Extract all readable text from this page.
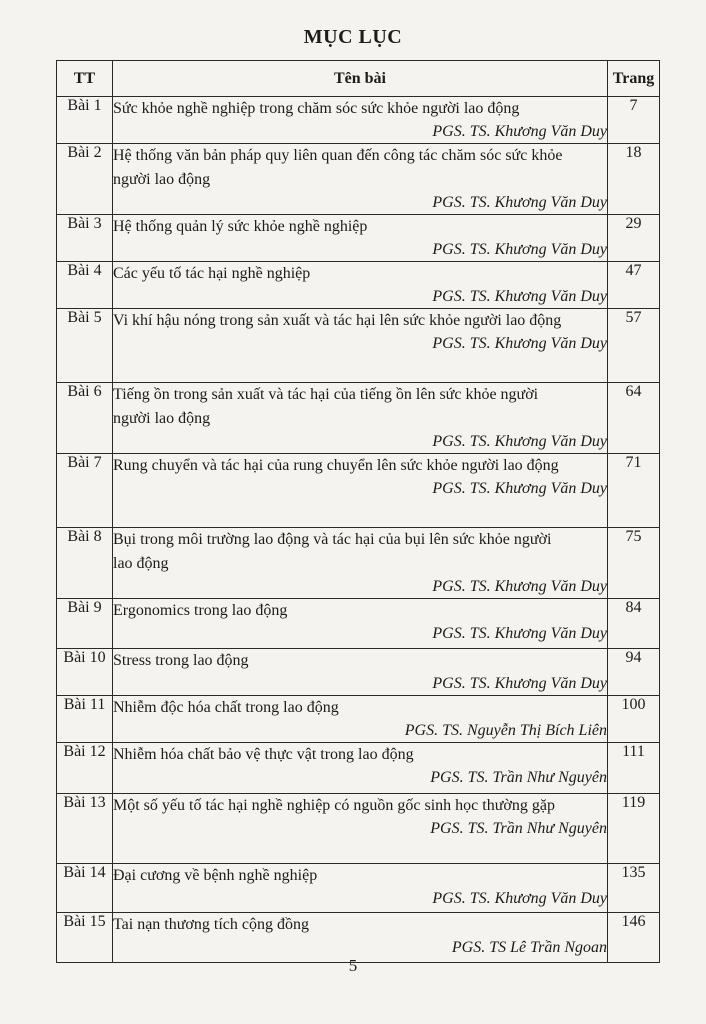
MỤC LỤC
TT	Tên bài	Trang
Bài 1	Sức khỏe nghề nghiệp trong chăm sóc sức khỏe người lao động
PGS. TS. Khương Văn Duy	7
Bài 2	Hệ thống văn bản pháp quy liên quan đến công tác chăm sóc sức khỏe người lao động
PGS. TS. Khương Văn Duy	18
Bài 3	Hệ thống quản lý sức khỏe nghề nghiệp
PGS. TS. Khương Văn Duy	29
Bài 4	Các yếu tố tác hại nghề nghiệp
PGS. TS. Khương Văn Duy	47
Bài 5	Vi khí hậu nóng trong sản xuất và tác hại lên sức khỏe người lao động
PGS. TS. Khương Văn Duy	57
Bài 6	Tiếng ồn trong sản xuất và tác hại của tiếng ồn lên sức khỏe người người lao động
PGS. TS. Khương Văn Duy	64
Bài 7	Rung chuyển và tác hại của rung chuyển lên sức khỏe người lao động
PGS. TS. Khương Văn Duy	71
Bài 8	Bụi trong môi trường lao động và tác hại của bụi lên sức khỏe người lao động
PGS. TS. Khương Văn Duy	75
Bài 9	Ergonomics trong lao động
PGS. TS. Khương Văn Duy	84
Bài 10	Stress trong lao động
PGS. TS. Khương Văn Duy	94
Bài 11	Nhiễm độc hóa chất trong lao động
PGS. TS. Nguyễn Thị Bích Liên	100
Bài 12	Nhiễm hóa chất bảo vệ thực vật trong lao động
PGS. TS. Trần Như Nguyên	111
Bài 13	Một số yếu tố tác hại nghề nghiệp có nguồn gốc sinh học thường gặp
PGS. TS. Trần Như Nguyên	119
Bài 14	Đại cương về bệnh nghề nghiệp
PGS. TS. Khương Văn Duy	135
Bài 15	Tai nạn thương tích cộng đồng
PGS. TS Lê Trần Ngoan	146
5
